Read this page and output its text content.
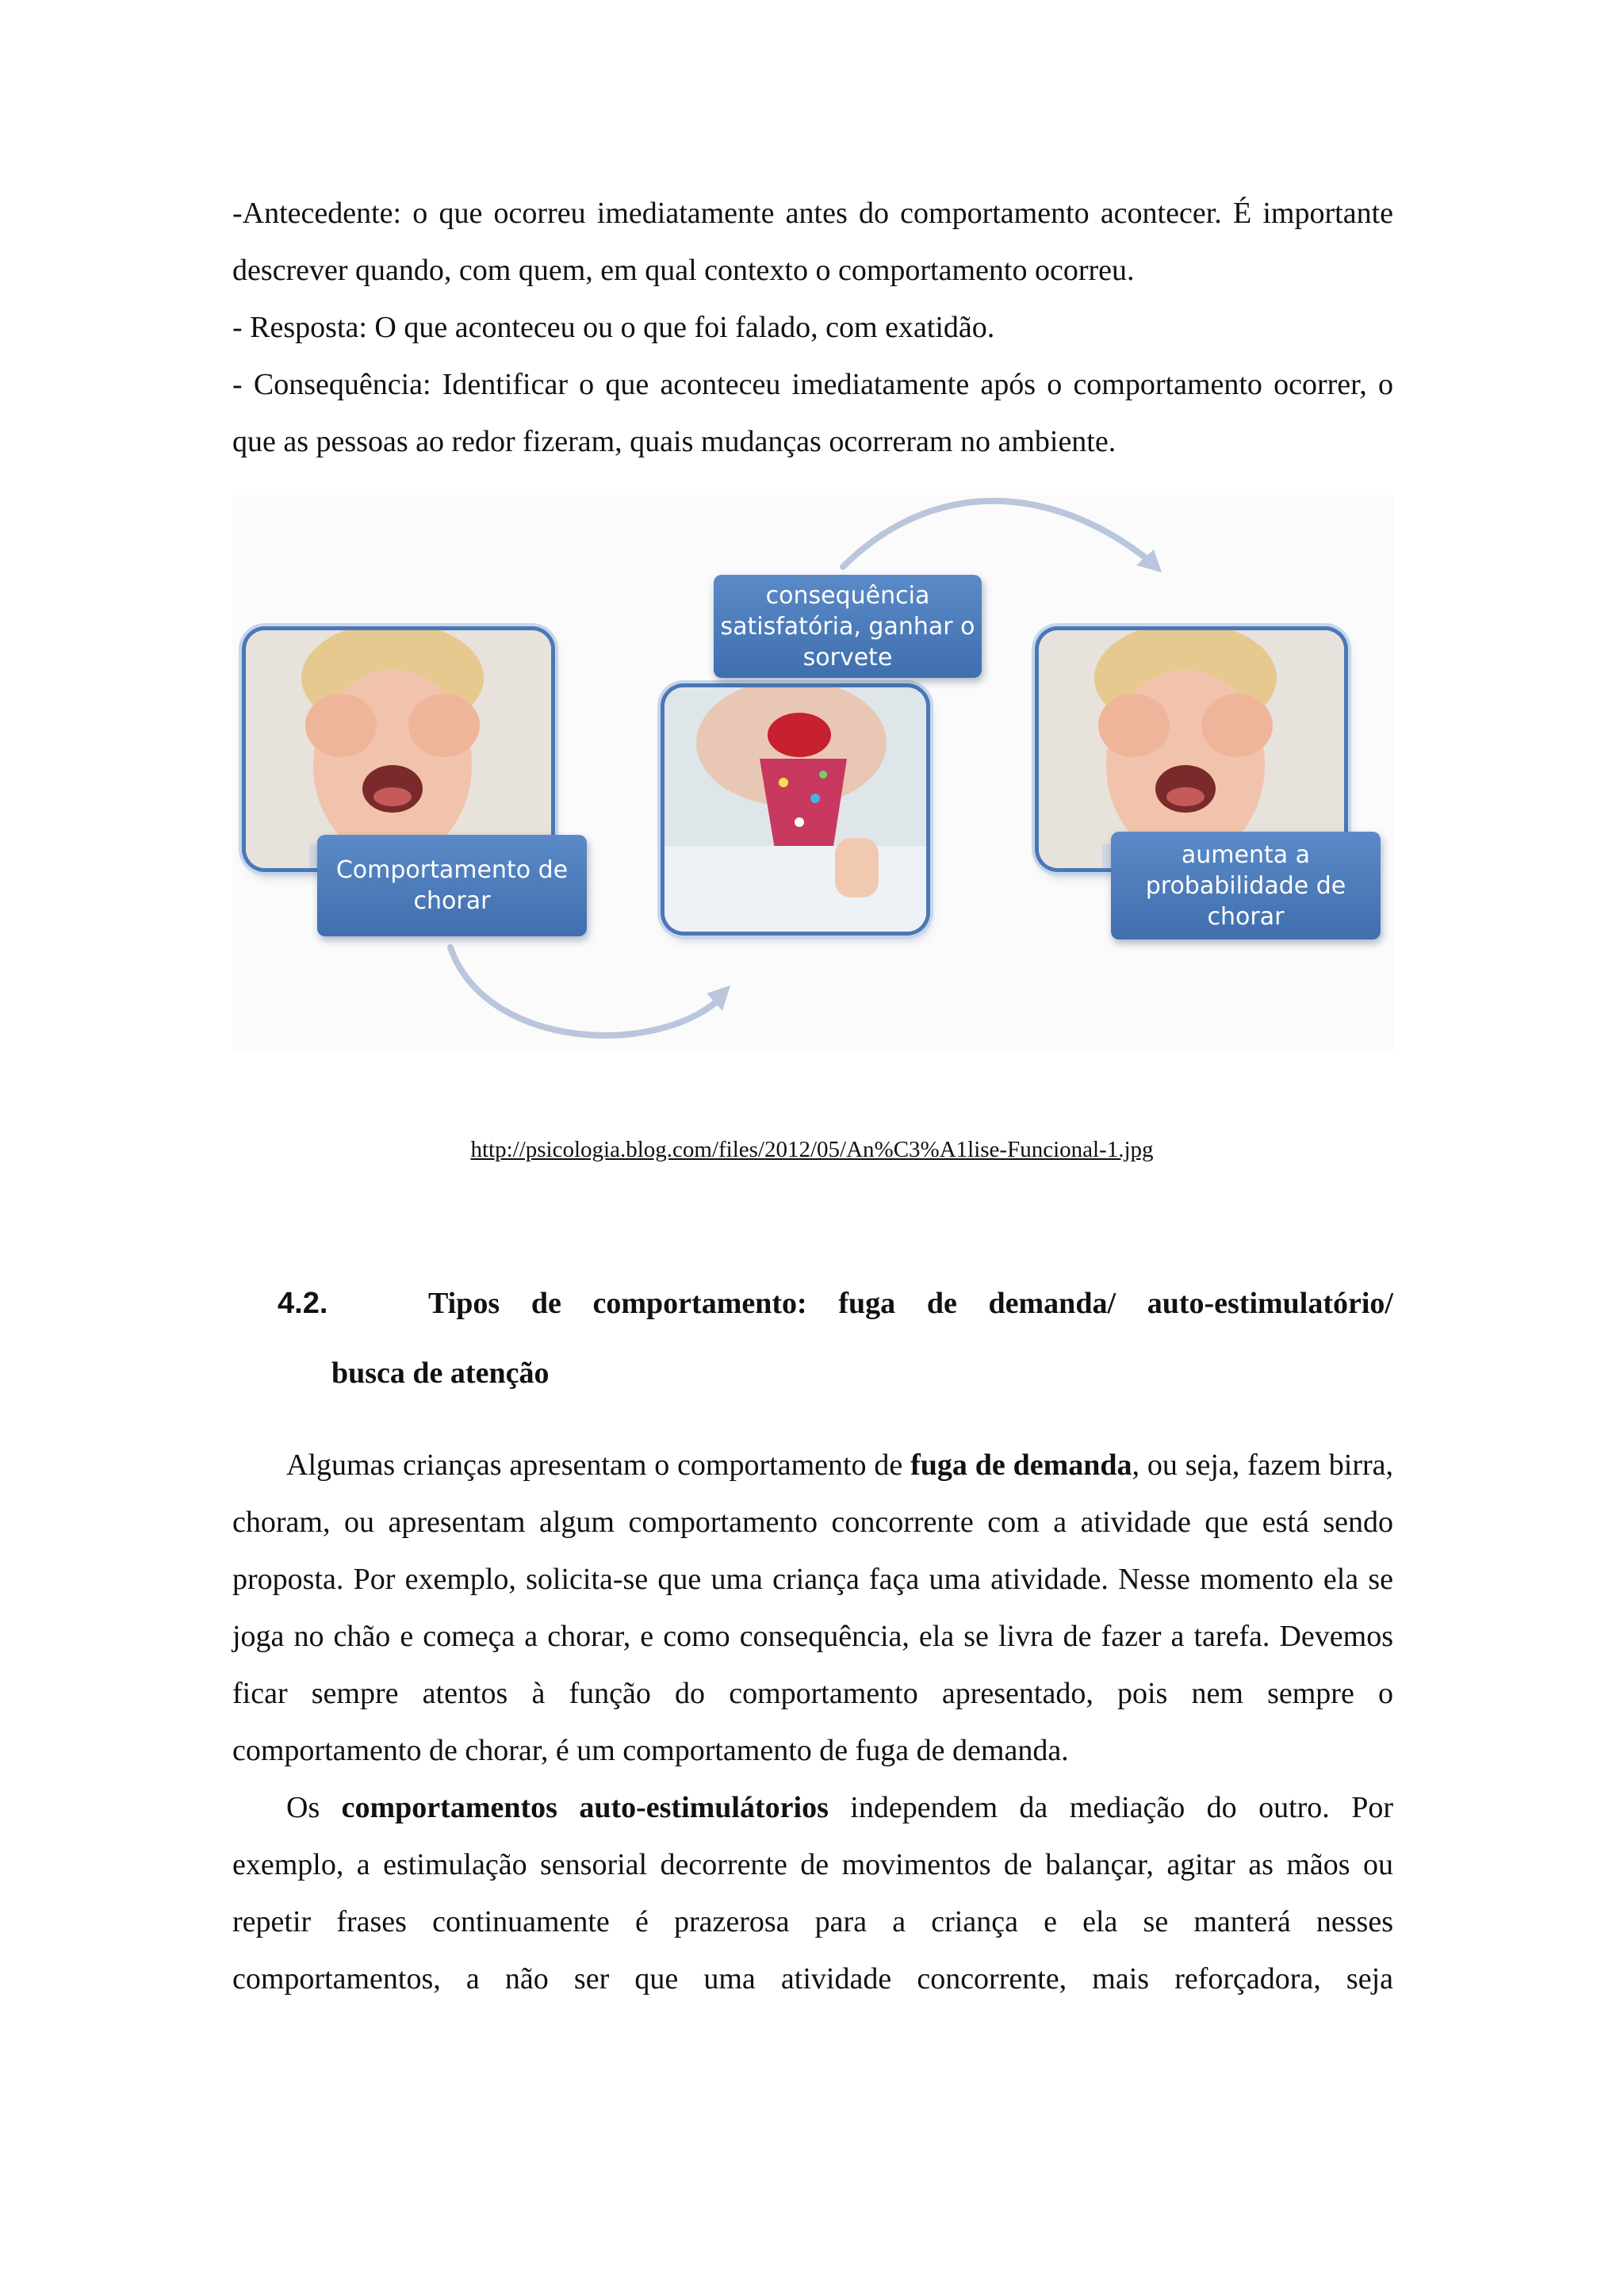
-Antecedente: o que ocorreu imediatamente antes do comportamento acontecer. É importante descrever quando, com quem, em qual contexto o comportamento ocorreu.

- Resposta: O que aconteceu ou o que foi falado, com exatidão.

- Consequência: Identificar o que aconteceu imediatamente após o comportamento ocorrer, o que as pessoas ao redor fizeram, quais mudanças ocorreram no ambiente.

Comportamento de
chorar
consequência
satisfatória, ganhar o
sorvete
aumenta a
probabilidade de
chorar
http://psicologia.blog.com/files/2012/05/An%C3%A1lise-Funcional-1.jpg
4.2.	Tipos de comportamento: fuga de demanda/ auto-estimulatório/
busca de atenção

Algumas crianças apresentam o comportamento de fuga de demanda, ou seja, fazem birra, choram, ou apresentam algum comportamento concorrente com a atividade que está sendo proposta. Por exemplo, solicita-se que uma criança faça uma atividade. Nesse momento ela se joga no chão e começa a chorar, e como consequência, ela se livra de fazer a tarefa. Devemos ficar sempre atentos à função do comportamento apresentado, pois nem sempre o comportamento de chorar, é um comportamento de fuga de demanda.

Os comportamentos auto-estimulátorios independem da mediação do outro. Por exemplo, a estimulação sensorial decorrente de movimentos de balançar, agitar as mãos ou repetir frases continuamente é prazerosa para a criança e ela se manterá nesses comportamentos, a não ser que uma atividade concorrente, mais reforçadora, seja
